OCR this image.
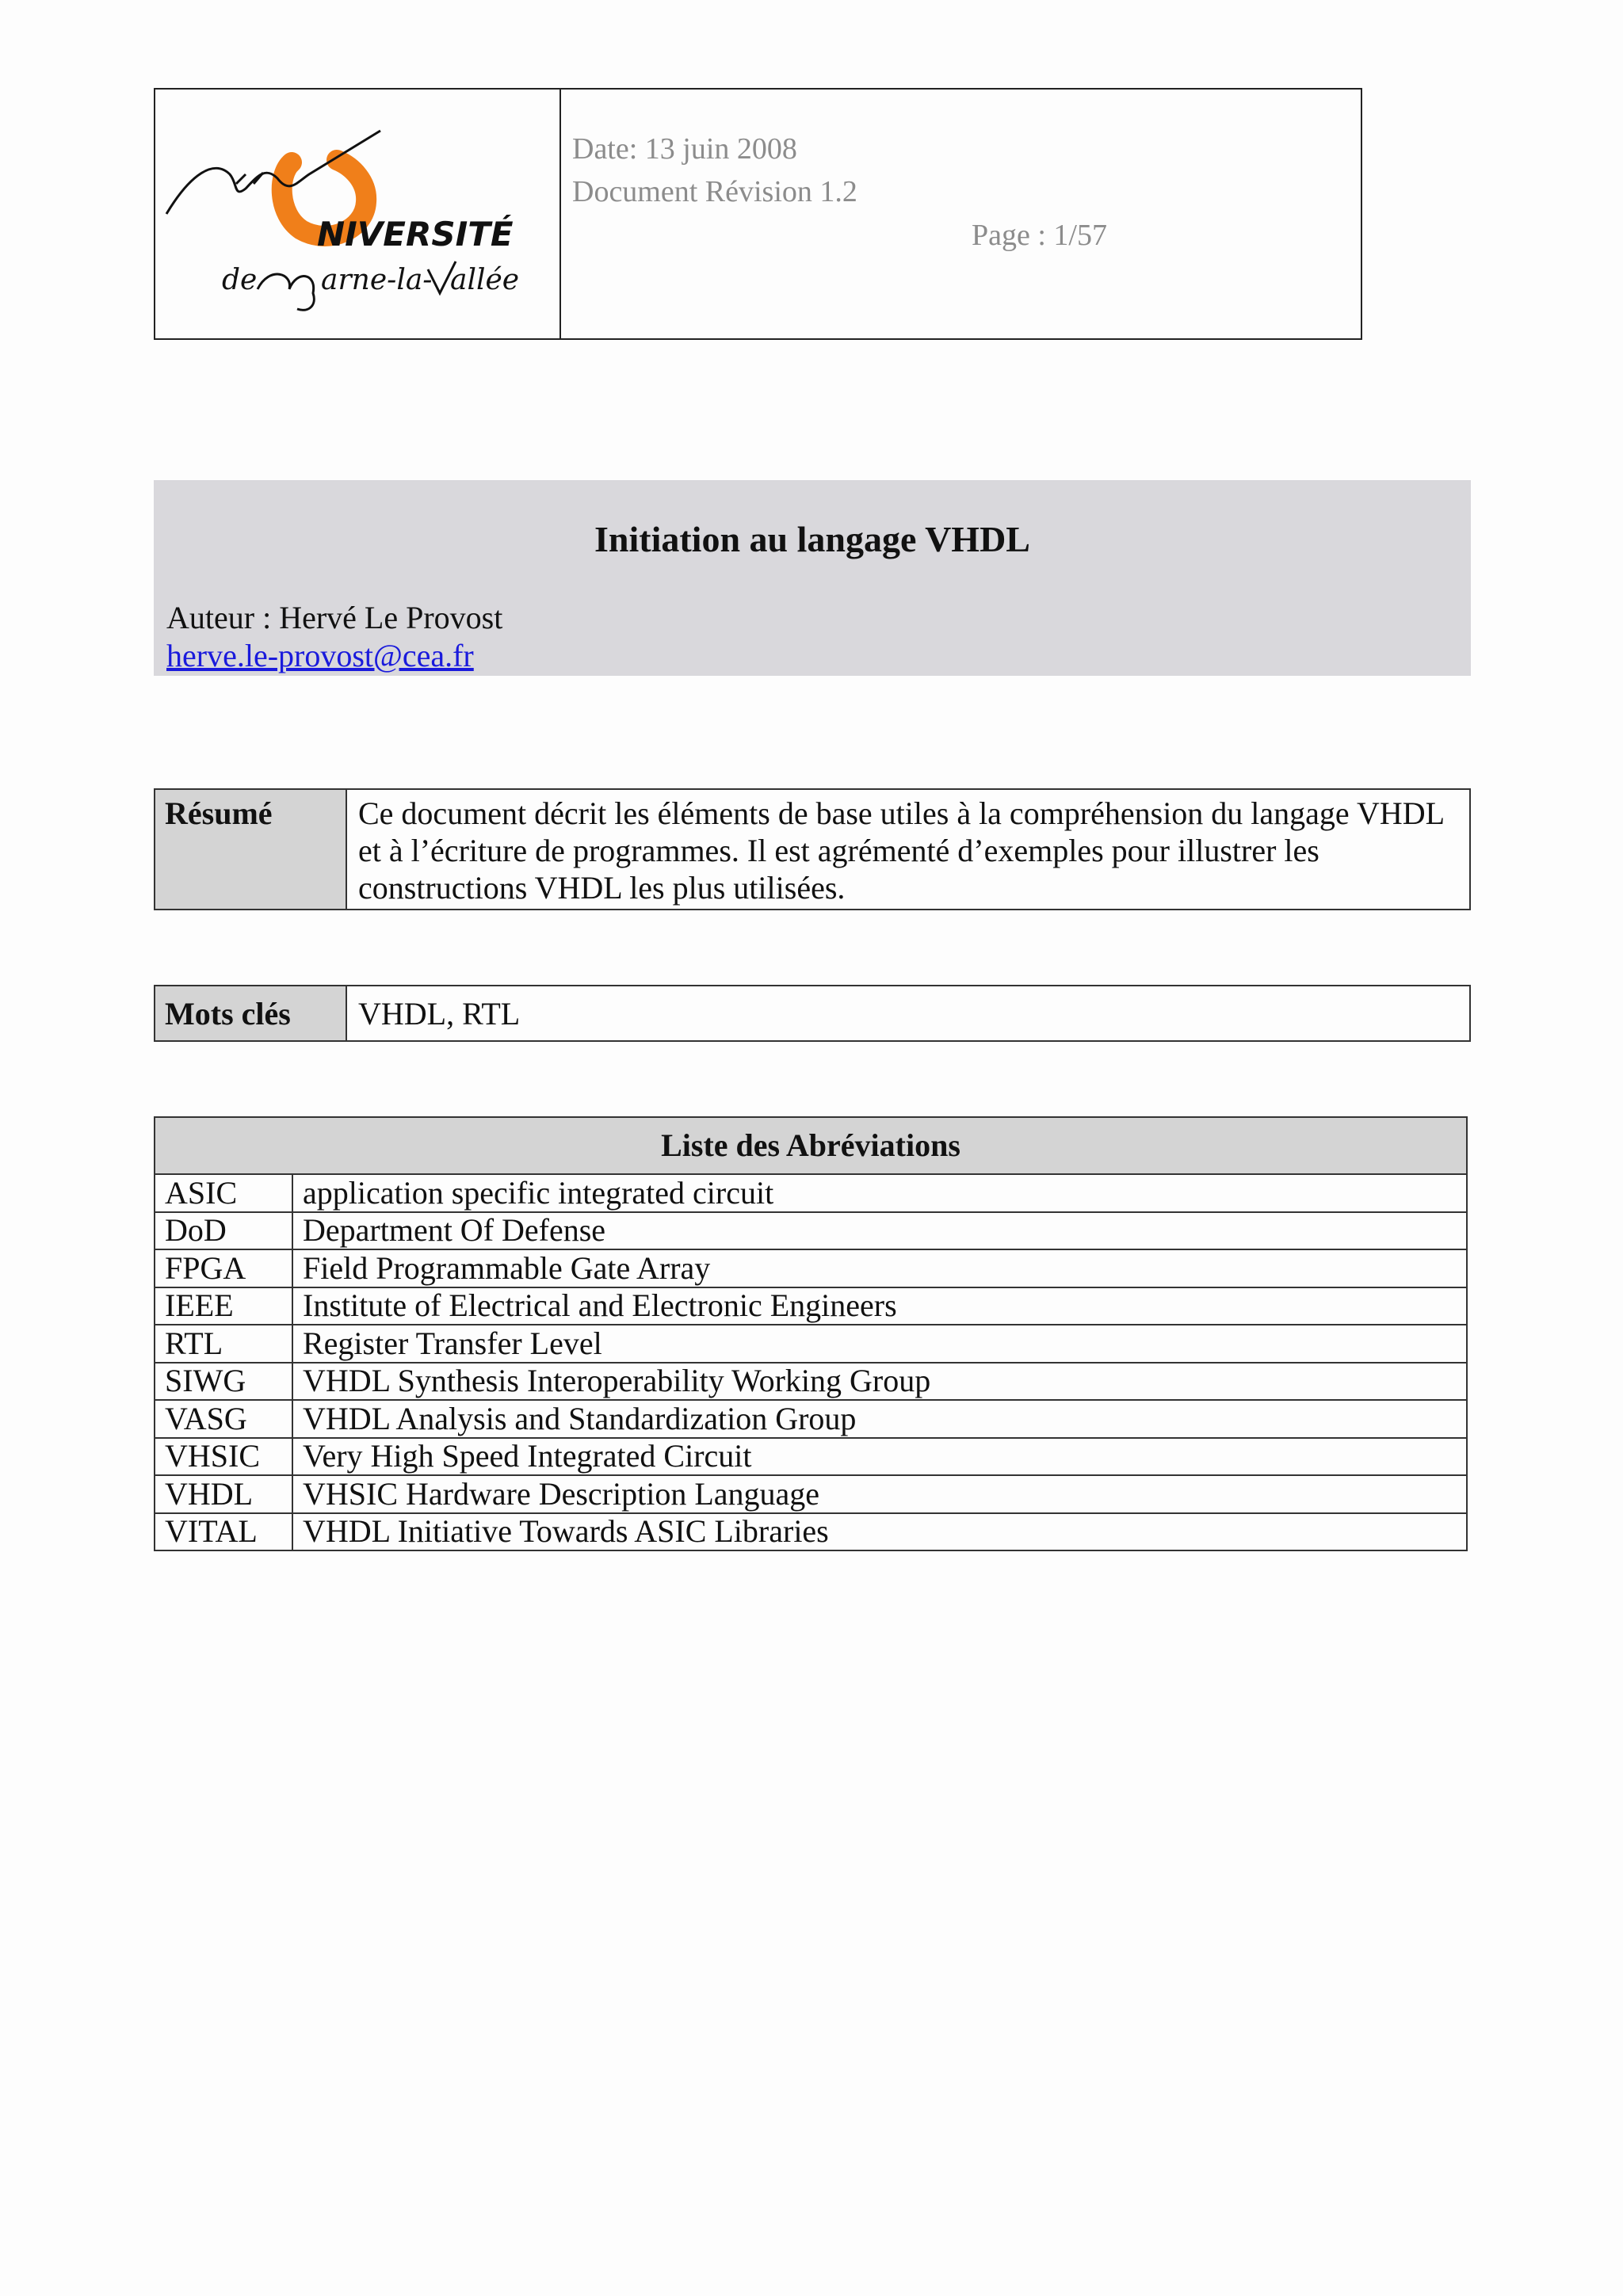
NIVERSITÉ
de arne-la- allée
Date: 13 juin 2008
Document Révision 1.2
Page : 1/57
Initiation au langage VHDL
Auteur : Hervé Le Provost
herve.le-provost@cea.fr
Résumé	Ce document décrit les éléments de base utiles à la compréhension du langage VHDL et à l’écriture de programmes. Il est agrémenté d’exemples pour illustrer les constructions VHDL les plus utilisées.
Mots clés VHDL, RTL
Liste des Abréviations	
ASIC	application specific integrated circuit
DoD	Department Of Defense
FPGA	Field Programmable Gate Array
IEEE	Institute of Electrical and Electronic Engineers
RTL	Register Transfer Level
SIWG	VHDL Synthesis Interoperability Working Group
VASG	VHDL Analysis and Standardization Group
VHSIC	Very High Speed Integrated Circuit
VHDL	VHSIC Hardware Description Language
VITAL	VHDL Initiative Towards ASIC Libraries
